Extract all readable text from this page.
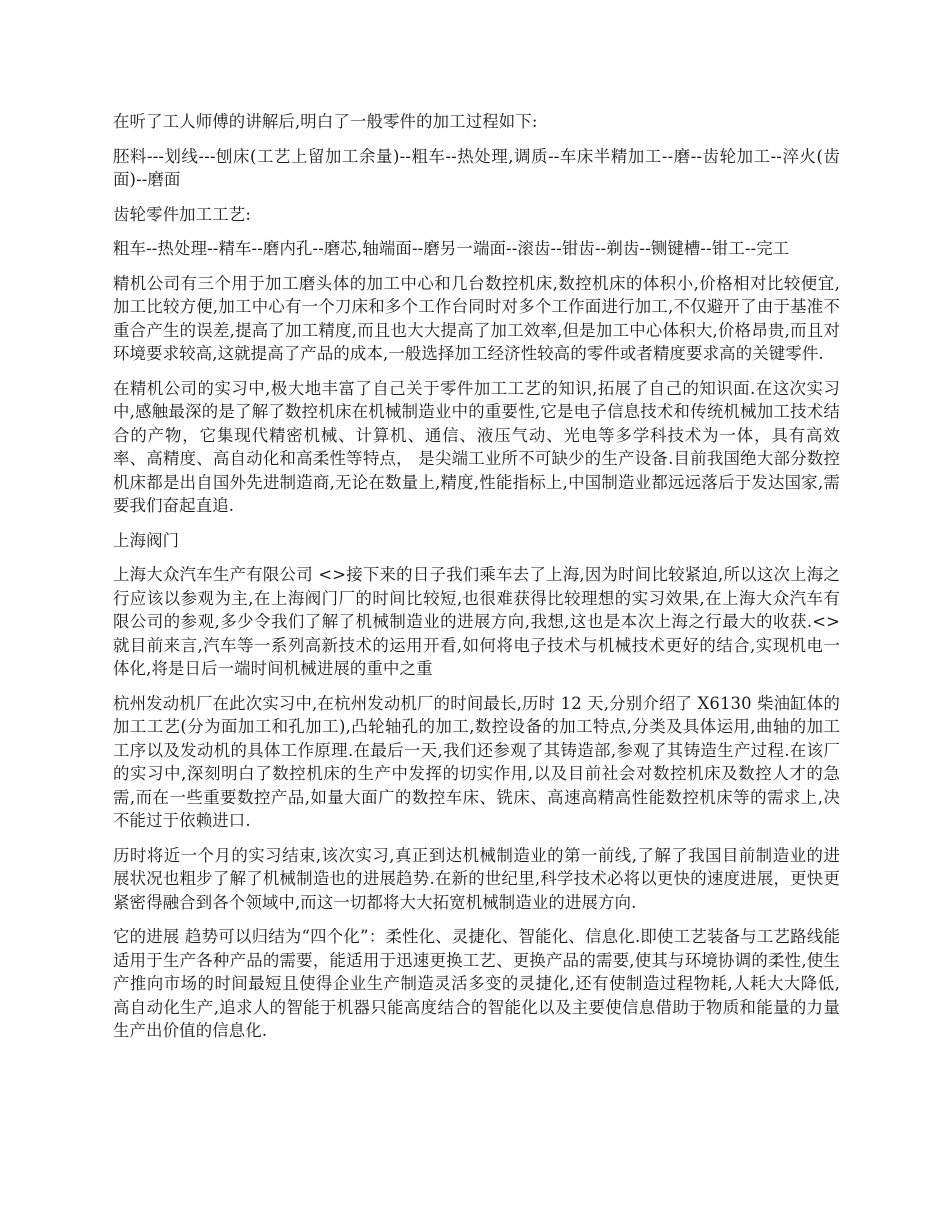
在听了工人师傅的讲解后,明白了一般零件的加工过程如下:

胚料---划线---刨床(工艺上留加工余量)--粗车--热处理,调质--车床半精加工--磨--齿轮加工--淬火(齿面)--磨面

齿轮零件加工工艺:

粗车--热处理--精车--磨内孔--磨芯,轴端面--磨另一端面--滚齿--钳齿--剃齿--铡键槽--钳工--完工

精机公司有三个用于加工磨头体的加工中心和几台数控机床,数控机床的体积小,价格相对比较便宜,加工比较方便,加工中心有一个刀床和多个工作台同时对多个工作面进行加工,不仅避开了由于基准不重合产生的误差,提高了加工精度,而且也大大提高了加工效率,但是加工中心体积大,价格昂贵,而且对环境要求较高,这就提高了产品的成本,一般选择加工经济性较高的零件或者精度要求高的关键零件.

在精机公司的实习中,极大地丰富了自己关于零件加工工艺的知识,拓展了自己的知识面.在这次实习中,感触最深的是了解了数控机床在机械制造业中的重要性,它是电子信息技术和传统机械加工技术结合的产物，它集现代精密机械、计算机、通信、液压气动、光电等多学科技术为一体，具有高效率、高精度、高自动化和高柔性等特点， 是尖端工业所不可缺少的生产设备.目前我国绝大部分数控机床都是出自国外先进制造商,无论在数量上,精度,性能指标上,中国制造业都远远落后于发达国家,需要我们奋起直追.

上海阀门

上海大众汽车生产有限公司 <>接下来的日子我们乘车去了上海,因为时间比较紧迫,所以这次上海之行应该以参观为主,在上海阀门厂的时间比较短,也很难获得比较理想的实习效果,在上海大众汽车有限公司的参观,多少令我们了解了机械制造业的进展方向,我想,这也是本次上海之行最大的收获.<>就目前来言,汽车等一系列高新技术的运用开看,如何将电子技术与机械技术更好的结合,实现机电一体化,将是日后一端时间机械进展的重中之重

杭州发动机厂在此次实习中,在杭州发动机厂的时间最长,历时 12 天,分别介绍了 X6130 柴油缸体的加工工艺(分为面加工和孔加工),凸轮轴孔的加工,数控设备的加工特点,分类及具体运用,曲轴的加工工序以及发动机的具体工作原理.在最后一天,我们还参观了其铸造部,参观了其铸造生产过程.在该厂的实习中,深刻明白了数控机床的生产中发挥的切实作用,以及目前社会对数控机床及数控人才的急需,而在一些重要数控产品,如量大面广的数控车床、铣床、高速高精高性能数控机床等的需求上,决不能过于依赖进口.

历时将近一个月的实习结束,该次实习,真正到达机械制造业的第一前线,了解了我国目前制造业的进展状况也粗步了解了机械制造也的进展趋势.在新的世纪里,科学技术必将以更快的速度进展，更快更紧密得融合到各个领域中,而这一切都将大大拓宽机械制造业的进展方向.

它的进展 趋势可以归结为“四个化”：柔性化、灵捷化、智能化、信息化.即使工艺装备与工艺路线能适用于生产各种产品的需要，能适用于迅速更换工艺、更换产品的需要,使其与环境协调的柔性,使生产推向市场的时间最短且使得企业生产制造灵活多变的灵捷化,还有使制造过程物耗,人耗大大降低,高自动化生产,追求人的智能于机器只能高度结合的智能化以及主要使信息借助于物质和能量的力量生产出价值的信息化.
